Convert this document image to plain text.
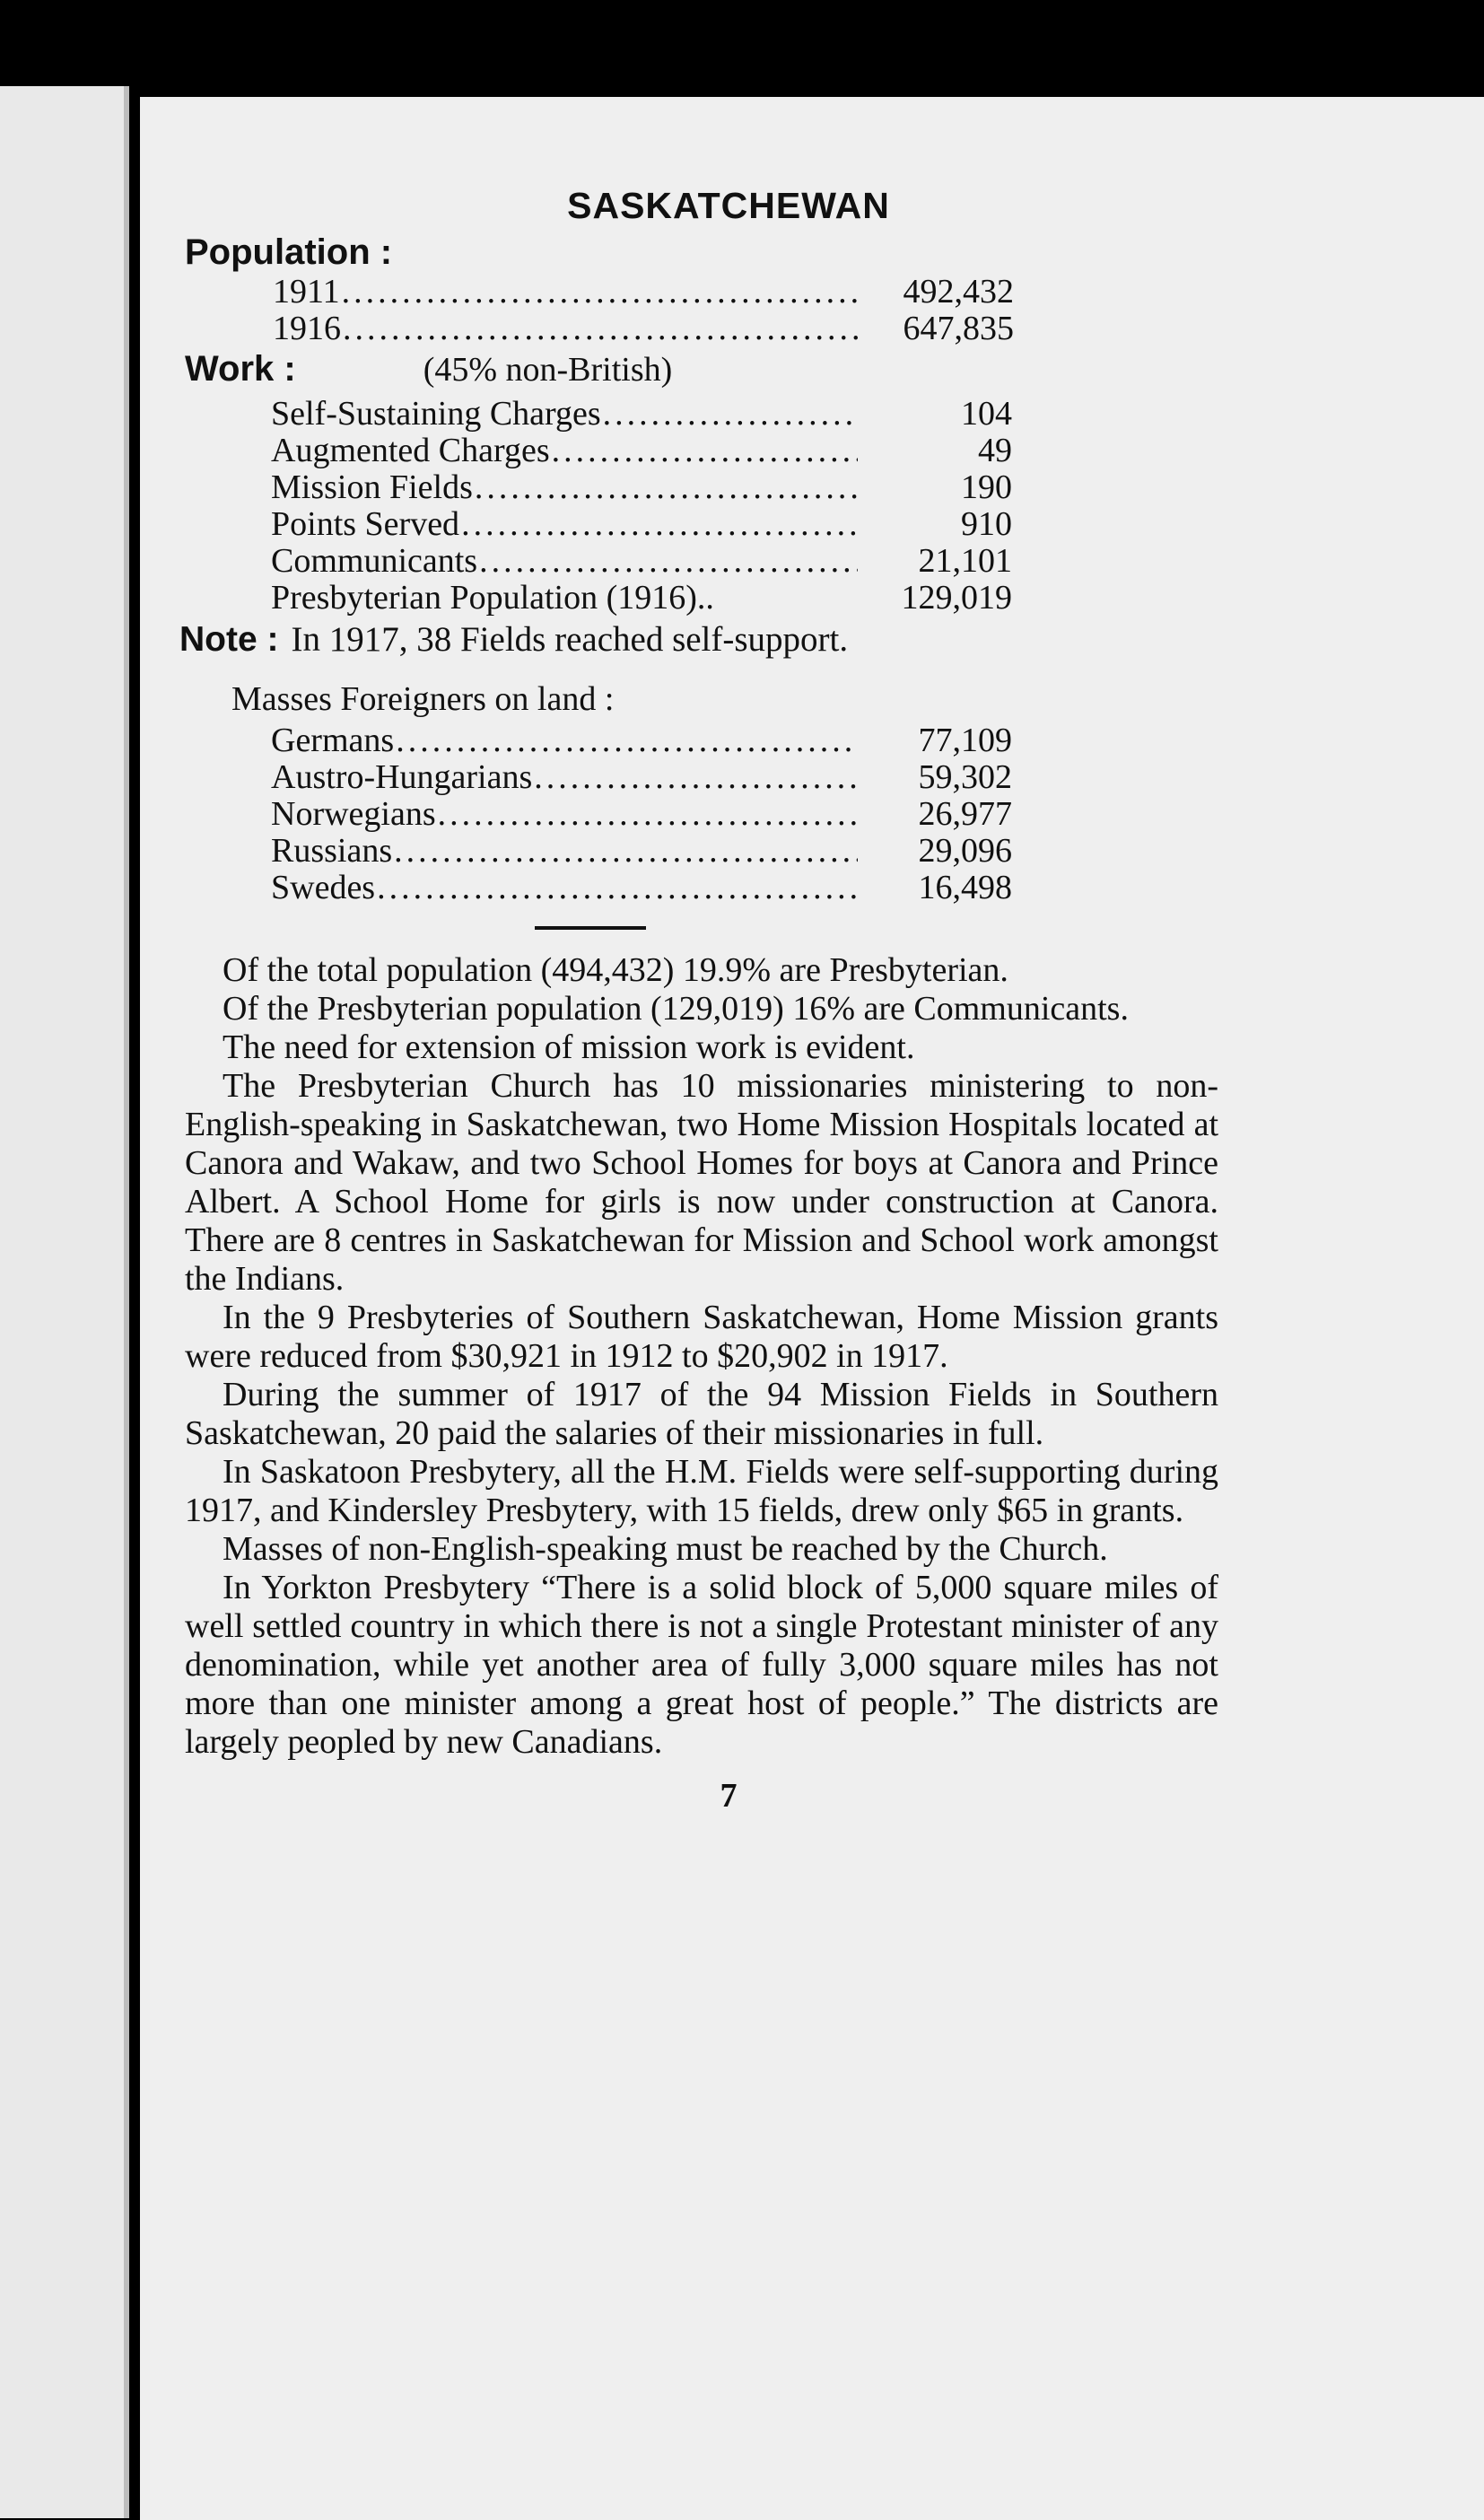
SASKATCHEWAN

Population :

1911 .....	492,432
1916 .....	647,835

Work :	(45% non-British)
Self-Sustaining Charges .....	104
Augmented Charges .....	49
Mission Fields .....	190
Points Served .....	910
Communicants .....	21,101
Presbyterian Population (1916)..	129,019

Note : In 1917, 38 Fields reached self-support.

Masses Foreigners on land :

Germans .....	77,109
Austro-Hungarians .....	59,302
Norwegians .....	26,977
Russians .....	29,096
Swedes .....	16,498

Of the total population (494,432) 19.9% are Presbyterian.

Of the Presbyterian population (129,019) 16% are Communicants.

The need for extension of mission work is evident.

The Presbyterian Church has 10 missionaries ministering to non-English-speaking in Saskatchewan, two Home Mission Hospitals located at Canora and Wakaw, and two School Homes for boys at Canora and Prince Albert. A School Home for girls is now under construction at Canora. There are 8 centres in Saskatchewan for Mission and School work amongst the Indians.

In the 9 Presbyteries of Southern Saskatchewan, Home Mission grants were reduced from $30,921 in 1912 to $20,902 in 1917.

During the summer of 1917 of the 94 Mission Fields in Southern Saskatchewan, 20 paid the salaries of their missionaries in full.

In Saskatoon Presbytery, all the H.M. Fields were self-supporting during 1917, and Kindersley Presbytery, with 15 fields, drew only $65 in grants.

Masses of non-English-speaking must be reached by the Church.

In Yorkton Presbytery “There is a solid block of 5,000 square miles of well settled country in which there is not a single Protestant minister of any denomination, while yet another area of fully 3,000 square miles has not more than one minister among a great host of people.” The districts are largely peopled by new Canadians.

7
